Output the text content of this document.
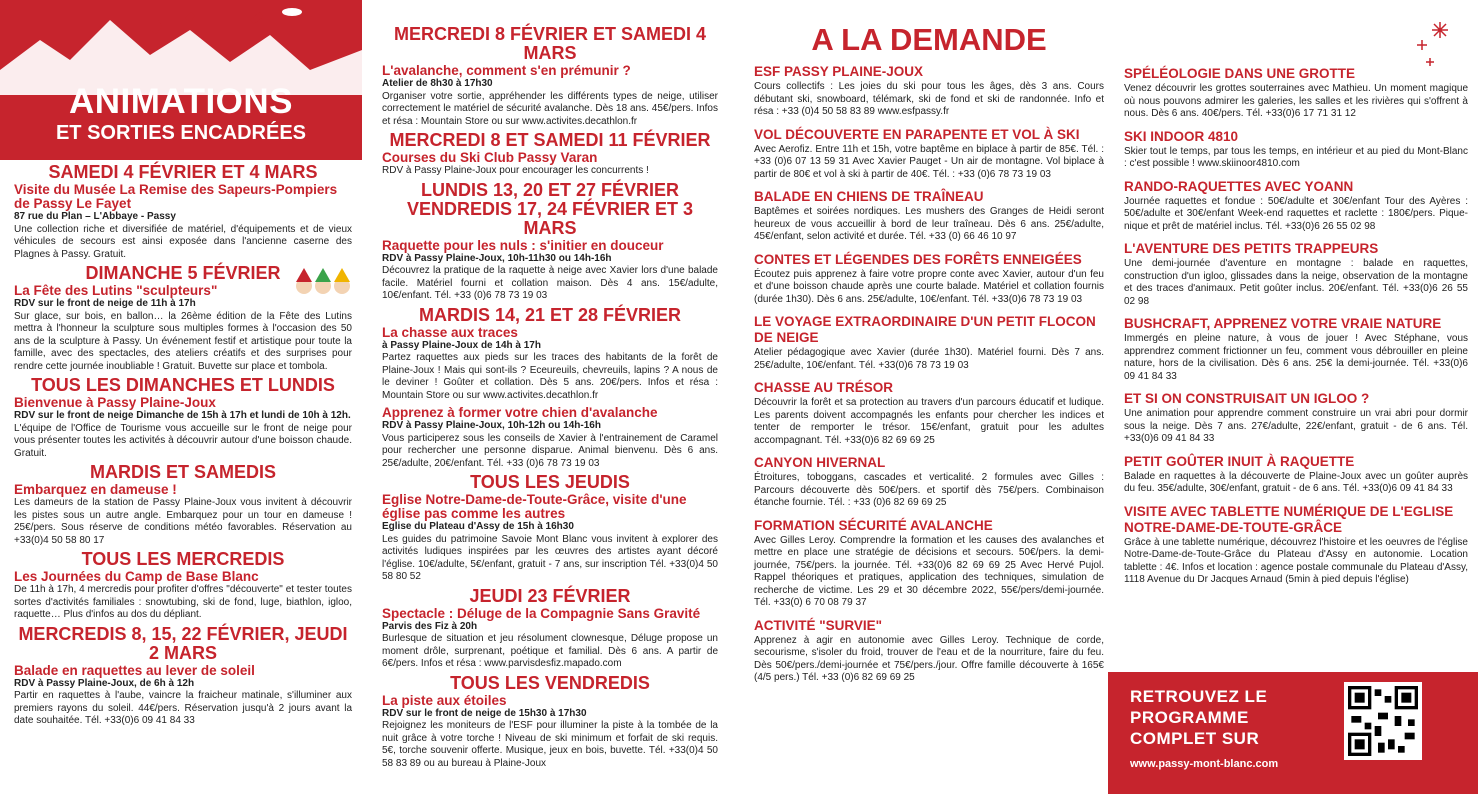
ANIMATIONS
ET SORTIES ENCADRÉES
SAMEDI 4 FÉVRIER ET 4 MARS
Visite du Musée La Remise des Sapeurs-Pompiers de Passy Le Fayet
87 rue du Plan – L'Abbaye - Passy
Une collection riche et diversifiée de matériel, d'équipements et de vieux véhicules de secours est ainsi exposée dans l'ancienne caserne des Plagnes à Passy. Gratuit.
DIMANCHE 5 FÉVRIER
La Fête des Lutins "sculpteurs"
RDV sur le front de neige de 11h à 17h
Sur glace, sur bois, en ballon… la 26ème édition de la Fête des Lutins mettra à l'honneur la sculpture sous multiples formes à l'occasion des 50 ans de la sculpture à Passy. Un événement festif et artistique pour toute la famille, avec des spectacles, des ateliers créatifs et des surprises pour rendre cette journée inoubliable ! Gratuit. Buvette sur place et tombola.
TOUS LES DIMANCHES ET LUNDIS
Bienvenue à Passy Plaine-Joux
RDV sur le front de neige Dimanche de 15h à 17h et lundi de 10h à 12h.
L'équipe de l'Office de Tourisme vous accueille sur le front de neige pour vous présenter toutes les activités à découvrir autour d'une boisson chaude. Gratuit.
MARDIS ET SAMEDIS
Embarquez en dameuse !
Les dameurs de la station de Passy Plaine-Joux vous invitent à découvrir les pistes sous un autre angle. Embarquez pour un tour en dameuse ! 25€/pers. Sous réserve de conditions météo favorables. Réservation au +33(0)4 50 58 80 17
TOUS LES MERCREDIS
Les Journées du Camp de Base Blanc
De 11h à 17h, 4 mercredis pour profiter d'offres "découverte" et tester toutes sortes d'activités familiales : snowtubing, ski de fond, luge, biathlon, igloo, raquette… Plus d'infos au dos du dépliant.
MERCREDIS 8, 15, 22 FÉVRIER, JEUDI 2 MARS
Balade en raquettes au lever de soleil
RDV à Passy Plaine-Joux, de 6h à 12h
Partir en raquettes à l'aube, vaincre la fraicheur matinale, s'illuminer aux premiers rayons du soleil. 44€/pers. Réservation jusqu'à 2 jours avant la date souhaitée. Tél. +33(0)6 09 41 84 33
MERCREDI 8 FÉVRIER ET SAMEDI 4 MARS
L'avalanche, comment s'en prémunir ?
Atelier de 8h30 à 17h30
Organiser votre sortie, appréhender les différents types de neige, utiliser correctement le matériel de sécurité avalanche. Dès 18 ans. 45€/pers. Infos et résa : Mountain Store ou sur www.activites.decathlon.fr
MERCREDI 8 ET SAMEDI 11 FÉVRIER
Courses du Ski Club Passy Varan
RDV à Passy Plaine-Joux pour encourager les concurrents !
LUNDIS 13, 20 ET 27 FÉVRIER VENDREDIS 17, 24 FÉVRIER ET 3 MARS
Raquette pour les nuls : s'initier en douceur
RDV à Passy Plaine-Joux, 10h-11h30 ou 14h-16h
Découvrez la pratique de la raquette à neige avec Xavier lors d'une balade facile. Matériel fourni et collation maison. Dès 4 ans. 15€/adulte, 10€/enfant. Tél. +33 (0)6 78 73 19 03
MARDIS 14, 21 ET 28 FÉVRIER
La chasse aux traces
à Passy Plaine-Joux de 14h à 17h
Partez raquettes aux pieds sur les traces des habitants de la forêt de Plaine-Joux ! Mais qui sont-ils ? Eceureuils, chevreuils, lapins ? A nous de le deviner ! Goûter et collation. Dès 5 ans. 20€/pers. Infos et résa : Mountain Store ou sur www.activites.decathlon.fr
Apprenez à former votre chien d'avalanche
RDV à Passy Plaine-Joux, 10h-12h ou 14h-16h
Vous participerez sous les conseils de Xavier à l'entrainement de Caramel pour rechercher une personne disparue. Animal bienvenu. Dès 6 ans. 25€/adulte, 20€/enfant. Tél. +33 (0)6 78 73 19 03
TOUS LES JEUDIS
Eglise Notre-Dame-de-Toute-Grâce, visite d'une église pas comme les autres
Eglise du Plateau d'Assy de 15h à 16h30
Les guides du patrimoine Savoie Mont Blanc vous invitent à explorer des activités ludiques inspirées par les œuvres des artistes ayant décoré l'église. 10€/adulte, 5€/enfant, gratuit - 7 ans, sur inscription Tél. +33(0)4 50 58 80 52
JEUDI 23 FÉVRIER
Spectacle : Déluge de la Compagnie Sans Gravité
Parvis des Fiz à 20h
Burlesque de situation et jeu résolument clownesque, Déluge propose un moment drôle, surprenant, poétique et familial. Dès 6 ans. A partir de 6€/pers. Infos et résa : www.parvisdesfiz.mapado.com
TOUS LES VENDREDIS
La piste aux étoiles
RDV sur le front de neige de 15h30 à 17h30
Rejoignez les moniteurs de l'ESF pour illuminer la piste à la tombée de la nuit grâce à votre torche ! Niveau de ski minimum et forfait de ski requis. 5€, torche souvenir offerte. Musique, jeux en bois, buvette. Tél. +33(0)4 50 58 83 89 ou au bureau à Plaine-Joux
A LA DEMANDE
ESF PASSY PLAINE-JOUX
Cours collectifs : Les joies du ski pour tous les âges, dès 3 ans. Cours débutant ski, snowboard, télémark, ski de fond et ski de randonnée. Info et résa : +33 (0)4 50 58 83 89 www.esfpassy.fr
VOL DÉCOUVERTE EN PARAPENTE ET VOL À SKI
Avec Aerofiz. Entre 11h et 15h, votre baptême en biplace à partir de 85€. Tél. : +33 (0)6 07 13 59 31 Avec Xavier Pauget - Un air de montagne. Vol biplace à partir de 80€ et vol à ski à partir de 40€. Tél. : +33 (0)6 78 73 19 03
BALADE EN CHIENS DE TRAÎNEAU
Baptêmes et soirées nordiques. Les mushers des Granges de Heidi seront heureux de vous accueillir à bord de leur traîneau. Dès 6 ans. 25€/adulte, 45€/enfant, selon activité et durée. Tél. +33 (0) 66 46 10 97
CONTES ET LÉGENDES DES FORÊTS ENNEIGÉES
Écoutez puis apprenez à faire votre propre conte avec Xavier, autour d'un feu et d'une boisson chaude après une courte balade. Matériel et collation fournis (durée 1h30). Dès 6 ans. 25€/adulte, 10€/enfant. Tél. +33(0)6 78 73 19 03
LE VOYAGE EXTRAORDINAIRE D'UN PETIT FLOCON DE NEIGE
Atelier pédagogique avec Xavier (durée 1h30). Matériel fourni. Dès 7 ans. 25€/adulte, 10€/enfant. Tél. +33(0)6 78 73 19 03
CHASSE AU TRÉSOR
Découvrir la forêt et sa protection au travers d'un parcours éducatif et ludique. Les parents doivent accompagnés les enfants pour chercher les indices et tenter de remporter le trésor. 15€/enfant, gratuit pour les adultes accompagnant. Tél. +33(0)6 82 69 69 25
CANYON HIVERNAL
Étroitures, toboggans, cascades et verticalité. 2 formules avec Gilles : Parcours découverte dès 50€/pers. et sportif dès 75€/pers. Combinaison étanche fournie. Tél. : +33 (0)6 82 69 69 25
FORMATION SÉCURITÉ AVALANCHE
Avec Gilles Leroy. Comprendre la formation et les causes des avalanches et mettre en place une stratégie de décisions et secours. 50€/pers. la demi-journée, 75€/pers. la journée. Tél. +33(0)6 82 69 69 25 Avec Hervé Pujol. Rappel théoriques et pratiques, application des techniques, simulation de recherche de victime. Les 29 et 30 décembre 2022, 55€/pers/demi-journée. Tél. +33(0) 6 70 08 79 37
ACTIVITÉ "SURVIE"
Apprenez à agir en autonomie avec Gilles Leroy. Technique de corde, secourisme, s'isoler du froid, trouver de l'eau et de la nourriture, faire du feu. Dès 50€/pers./demi-journée et 75€/pers./jour. Offre famille découverte à 165€ (4/5 pers.) Tél. +33 (0)6 82 69 69 25
SPÉLÉOLOGIE DANS UNE GROTTE
Venez découvrir les grottes souterraines avec Mathieu. Un moment magique où nous pouvons admirer les galeries, les salles et les rivières qui s'offrent à nous. Dès 6 ans. 40€/pers. Tél. +33(0)6 17 71 31 12
SKI INDOOR 4810
Skier tout le temps, par tous les temps, en intérieur et au pied du Mont-Blanc : c'est possible ! www.skiinoor4810.com
RANDO-RAQUETTES AVEC YOANN
Journée raquettes et fondue : 50€/adulte et 30€/enfant Tour des Ayères : 50€/adulte et 30€/enfant Week-end raquettes et raclette : 180€/pers. Pique-nique et prêt de matériel inclus. Tél. +33(0)6 26 55 02 98
L'AVENTURE DES PETITS TRAPPEURS
Une demi-journée d'aventure en montagne : balade en raquettes, construction d'un igloo, glissades dans la neige, observation de la montagne et des traces d'animaux. Petit goûter inclus. 20€/enfant. Tél. +33(0)6 26 55 02 98
BUSHCRAFT, APPRENEZ VOTRE VRAIE NATURE
Immergés en pleine nature, à vous de jouer ! Avec Stéphane, vous apprendrez comment frictionner un feu, comment vous débrouiller en pleine nature, hors de la civilisation. Dès 6 ans. 25€ la demi-journée. Tél. +33(0)6 09 41 84 33
ET SI ON CONSTRUISAIT UN IGLOO ?
Une animation pour apprendre comment construire un vrai abri pour dormir sous la neige. Dès 7 ans. 27€/adulte, 22€/enfant, gratuit - de 6 ans. Tél. +33(0)6 09 41 84 33
PETIT GOÛTER INUIT À RAQUETTE
Balade en raquettes à la découverte de Plaine-Joux avec un goûter auprès du feu. 35€/adulte, 30€/enfant, gratuit - de 6 ans. Tél. +33(0)6 09 41 84 33
VISITE AVEC TABLETTE NUMÉRIQUE DE L'EGLISE NOTRE-DAME-DE-TOUTE-GRÂCE
Grâce à une tablette numérique, découvrez l'histoire et les oeuvres de l'église Notre-Dame-de-Toute-Grâce du Plateau d'Assy en autonomie. Location tablette : 4€. Infos et location : agence postale communale du Plateau d'Assy, 1118 Avenue du Dr Jacques Arnaud (5min à pied depuis l'église)
RETROUVEZ LE PROGRAMME COMPLET SUR
www.passy-mont-blanc.com
